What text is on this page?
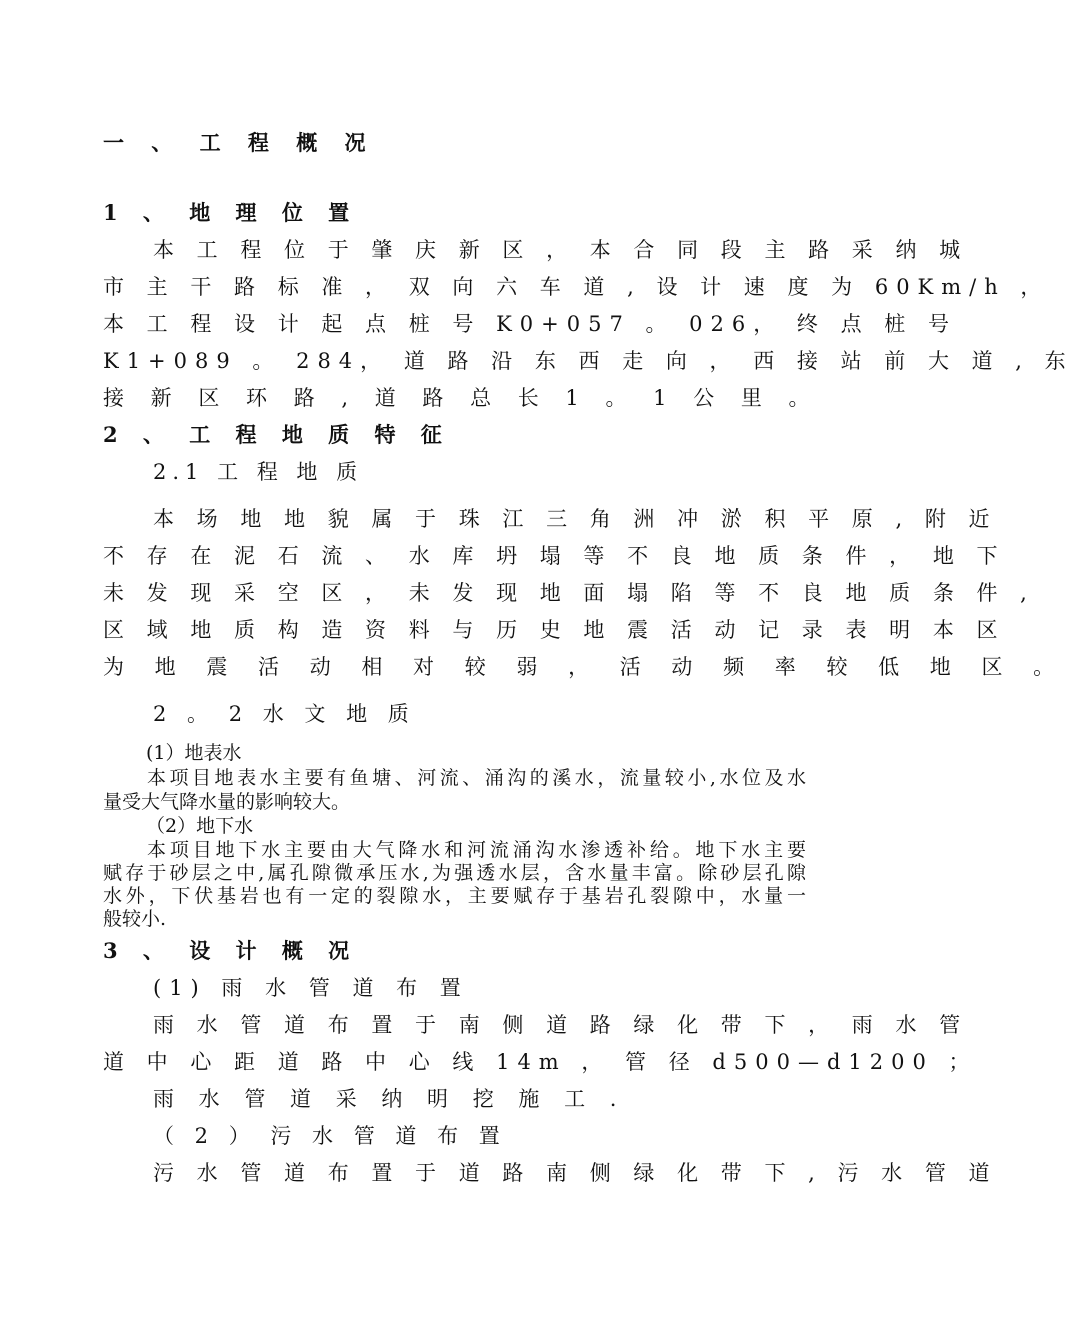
一 、 工 程 概 况
1 、 地 理 位 置
本 工 程 位 于 肇 庆 新 区 ， 本 合 同 段 主 路 采 纳 城
市 主 干 路 标 准 ， 双 向 六 车 道 , 设 计 速 度 为 60Km/h ，
本 工 程 设 计 起 点 桩 号 K0+057 。 026， 终 点 桩 号
K1+089 。 284， 道 路 沿 东 西 走 向 ， 西 接 站 前 大 道 , 东
接 新 区 环 路 , 道 路 总 长 1 。 1 公 里 。
2 、 工 程 地 质 特 征
2.1 工 程 地 质
本 场 地 地 貌 属 于 珠 江 三 角 洲 冲 淤 积 平 原 , 附 近
不 存 在 泥 石 流 、 水 库 坍 塌 等 不 良 地 质 条 件 ， 地 下
未 发 现 采 空 区 ， 未 发 现 地 面 塌 陷 等 不 良 地 质 条 件 ,
区 域 地 质 构 造 资 料 与 历 史 地 震 活 动 记 录 表 明 本 区
为 地 震 活 动 相 对 较 弱 ， 活 动 频 率 较 低 地 区 。
2 。 2 水 文 地 质
(1）地表水
本项目地表水主要有鱼塘、河流、涌沟的溪水，流量较小,水位及水
量受大气降水量的影响较大。
（2）地下水
本项目地下水主要由大气降水和河流涌沟水渗透补给。地下水主要
赋存于砂层之中,属孔隙微承压水,为强透水层，含水量丰富。除砂层孔隙
水外，下伏基岩也有一定的裂隙水，主要赋存于基岩孔裂隙中，水量一
般较小.
3 、 设 计 概 况
(1) 雨 水 管 道 布 置
雨 水 管 道 布 置 于 南 侧 道 路 绿 化 带 下 ， 雨 水 管
道 中 心 距 道 路 中 心 线 14m ， 管 径 d500—d1200 ；
雨 水 管 道 采 纳 明 挖 施 工 .
（ 2 ） 污 水 管 道 布 置
污 水 管 道 布 置 于 道 路 南 侧 绿 化 带 下 , 污 水 管 道
